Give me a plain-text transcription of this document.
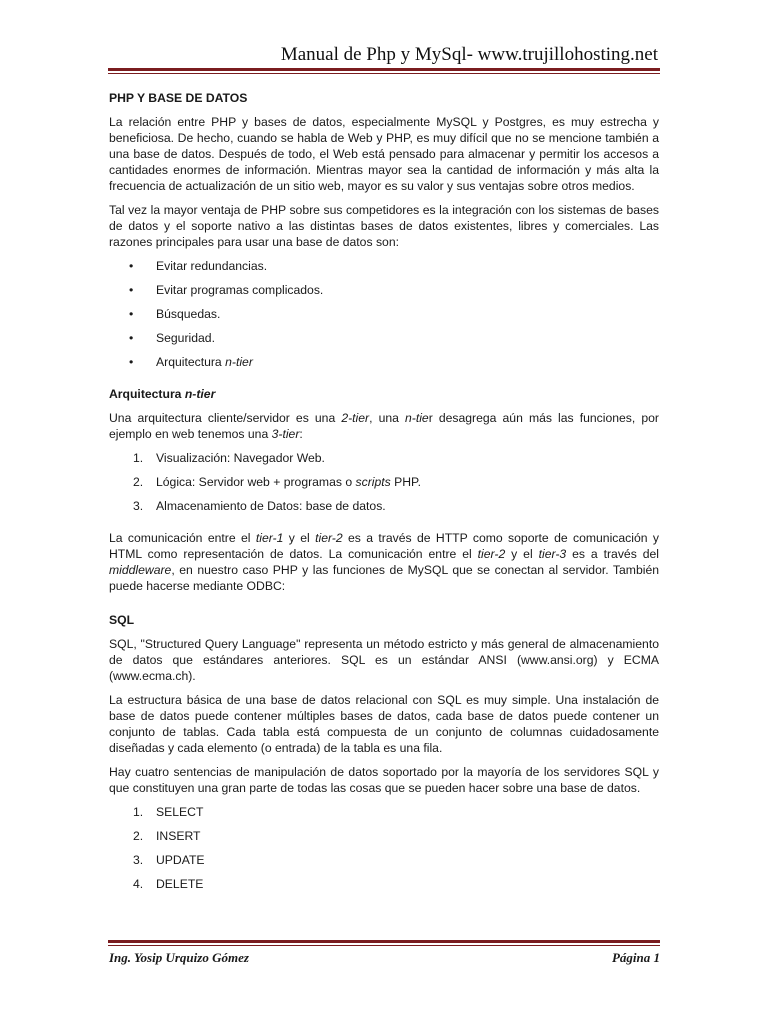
Manual de Php y MySql- www.trujillohosting.net

PHP Y BASE DE DATOS

La relación entre PHP y bases de datos, especialmente MySQL y Postgres, es muy estrecha y beneficiosa. De hecho, cuando se habla de Web y PHP, es muy difícil que no se mencione también a una base de datos. Después de todo, el Web está pensado para almacenar y permitir los accesos a cantidades enormes de información. Mientras mayor sea la cantidad de información y más alta la frecuencia de actualización de un sitio web, mayor es su valor y sus ventajas sobre otros medios.

Tal vez la mayor ventaja de PHP sobre sus competidores es la integración con los sistemas de bases de datos y el soporte nativo a las distintas bases de datos existentes, libres y comerciales. Las razones principales para usar una base de datos son:

• Evitar redundancias.
• Evitar programas complicados.
• Búsquedas.
• Seguridad.
• Arquitectura n-tier

Arquitectura n-tier

Una arquitectura cliente/servidor es una 2-tier, una n-tier desagrega aún más las funciones, por ejemplo en web tenemos una 3-tier:

1. Visualización: Navegador Web.
2. Lógica: Servidor web + programas o scripts PHP.
3. Almacenamiento de Datos: base de datos.

La comunicación entre el tier-1 y el tier-2 es a través de HTTP como soporte de comunicación y HTML como representación de datos. La comunicación entre el tier-2 y el tier-3 es a través del middleware, en nuestro caso PHP y las funciones de MySQL que se conectan al servidor. También puede hacerse mediante ODBC:

SQL

SQL, "Structured Query Language" representa un método estricto y más general de almacenamiento de datos que estándares anteriores. SQL es un estándar ANSI (www.ansi.org) y ECMA (www.ecma.ch).

La estructura básica de una base de datos relacional con SQL es muy simple. Una instalación de base de datos puede contener múltiples bases de datos, cada base de datos puede contener un conjunto de tablas. Cada tabla está compuesta de un conjunto de columnas cuidadosamente diseñadas y cada elemento (o entrada) de la tabla es una fila.

Hay cuatro sentencias de manipulación de datos soportado por la mayoría de los servidores SQL y que constituyen una gran parte de todas las cosas que se pueden hacer sobre una base de datos.

1. SELECT
2. INSERT
3. UPDATE
4. DELETE
Ing. Yosip Urquizo Gómez	Página 1
